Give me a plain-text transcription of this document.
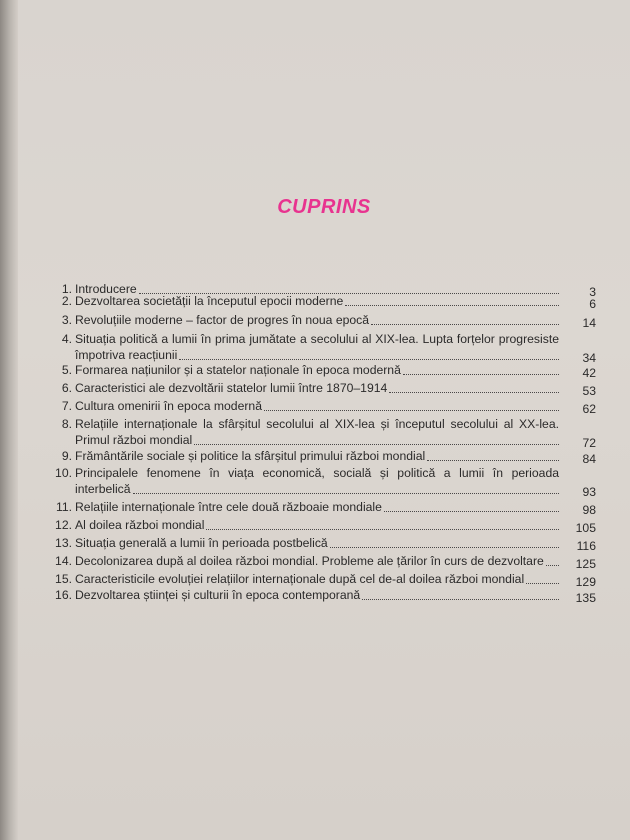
CUPRINS
1. Introducere	3
2. Dezvoltarea societății la începutul epocii moderne	6
3. Revoluțiile moderne – factor de progres în noua epocă	14
4. Situația politică a lumii în prima jumătate a secolului al XIX-lea. Lupta forțelor progresiste
împotriva reacțiunii	34
5. Formarea națiunilor și a statelor naționale în epoca modernă	42
6. Caracteristici ale dezvoltării statelor lumii între 1870–1914	53
7. Cultura omenirii în epoca modernă	62
8. Relațiile internaționale la sfârșitul secolului al XIX-lea și începutul secolului al XX-lea.
Primul război mondial	72
9. Frământările sociale și politice la sfârșitul primului război mondial	84
10. Principalele fenomene în viața economică, socială și politică a lumii în perioada
interbelică	93
11. Relațiile internaționale între cele două războaie mondiale	98
12. Al doilea război mondial	105
13. Situația generală a lumii în perioada postbelică	116
14. Decolonizarea după al doilea război mondial. Probleme ale țărilor în curs de dezvoltare	125
15. Caracteristicile evoluției relațiilor internaționale după cel de-al doilea război mondial	129
16. Dezvoltarea științei și culturii în epoca contemporană	135
